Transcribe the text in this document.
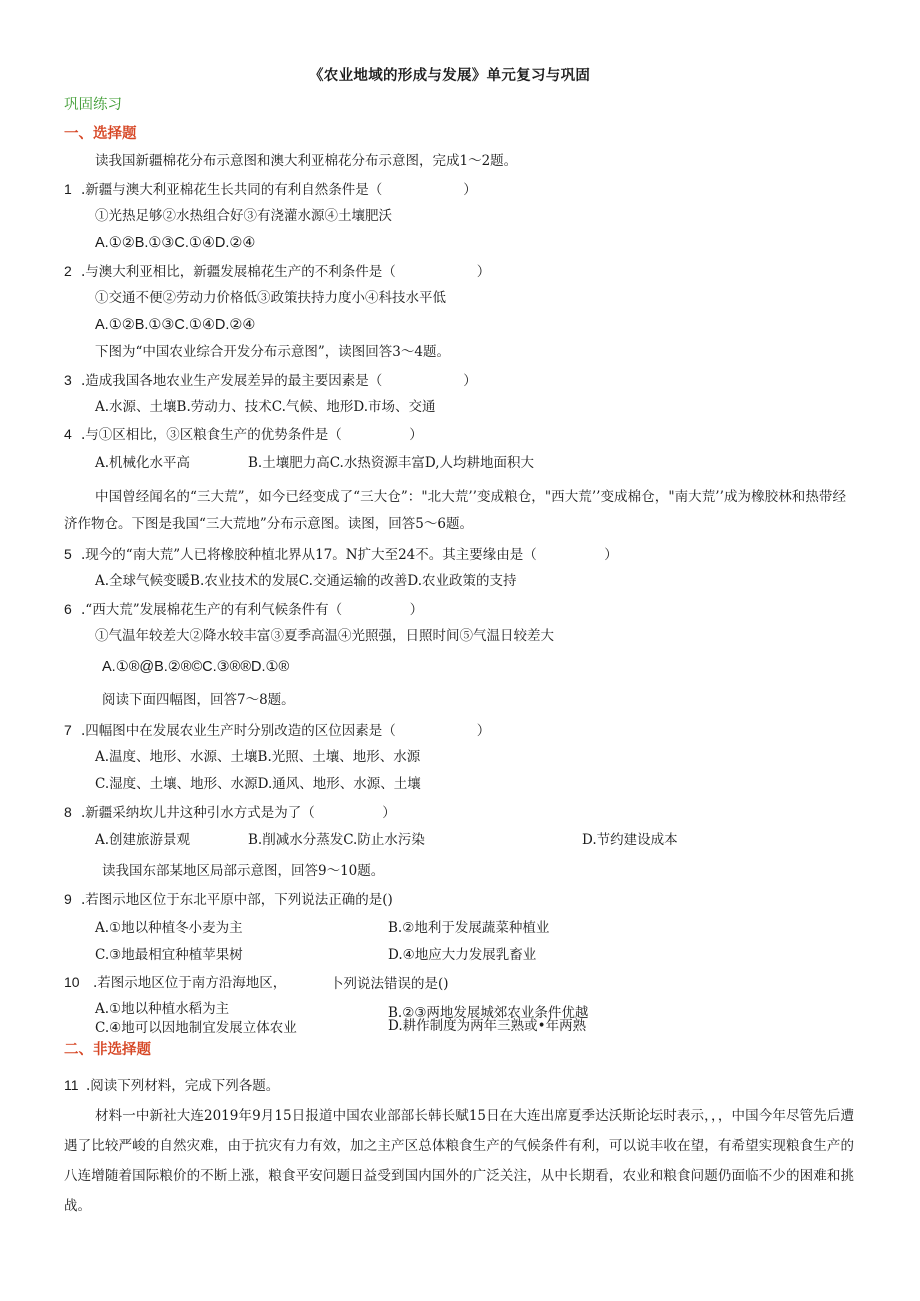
《农业地域的形成与发展》单元复习与巩固
巩固练习
一、选择题
读我国新疆棉花分布示意图和澳大利亚棉花分布示意图，完成1～2题。
1 .新疆与澳大利亚棉花生长共同的有利自然条件是（　　　　　　）
①光热足够②水热组合好③有浇灌水源④土壤肥沃
A.①②B.①③C.①④D.②④
2 .与澳大利亚相比，新疆发展棉花生产的不利条件是（　　　　　　）
①交通不便②劳动力价格低③政策扶持力度小④科技水平低
A.①②B.①③C.①④D.②④
下图为“中国农业综合开发分布示意图”，读图回答3～4题。
3 .造成我国各地农业生产发展差异的最主要因素是（　　　　　　）
A.水源、土壤B.劳动力、技术C.气候、地形D.市场、交通
4 .与①区相比，③区粮食生产的优势条件是（　　　　　）
A.机械化水平高	B.土壤肥力高C.水热资源丰富D,人均耕地面积大
中国曾经闻名的“三大荒”，如今已经变成了“三大仓”："北大荒’’变成粮仓，"西大荒’’变成棉仓，"南大荒’’成为橡胶林和热带经济作物仓。下图是我国“三大荒地”分布示意图。读图，回答5～6题。
5 .现今的“南大荒”人已将橡胶种植北界从17。N扩大至24不。其主要缘由是（　　　　　）
A.全球气候变暖B.农业技术的发展C.交通运输的改善D.农业政策的支持
6 .“西大荒”发展棉花生产的有利气候条件有（　　　　　）
①气温年较差大②降水较丰富③夏季高温④光照强，日照时间⑤气温日较差大
A.①®@B.②®©C.③®®D.①®
阅读下面四幅图，回答7～8题。
7 .四幅图中在发展农业生产时分别改造的区位因素是（　　　　　　）
A.温度、地形、水源、土壤B.光照、土壤、地形、水源
C.湿度、土壤、地形、水源D.通风、地形、水源、土壤
8 .新疆采纳坎儿井这种引水方式是为了（　　　　　）
A.创建旅游景观	B.削减水分蒸发C.防止水污染	D.节约建设成本
读我国东部某地区局部示意图，回答9～10题。
9 .若图示地区位于东北平原中部，下列说法正确的是()
A.①地以种植冬小麦为主	B.②地利于发展蔬菜种植业
C.③地最相宜种植苹果树	D.④地应大力发展乳畜业
10 .若图示地区位于南方沿海地区，	卜列说法错误的是()
A.①地以种植水稻为主	B.②③两地发展城郊农业条件优越
C.④地可以因地制宜发展立体农业	D.耕作制度为两年三熟或•年两熟
二、非选择题
11 .阅读下列材料，完成下列各题。
材料一中新社大连2019年9月15日报道中国农业部部长韩长赋15日在大连出席夏季达沃斯论坛时表示，，，中国今年尽管先后遭遇了比较严峻的自然灾难，由于抗灾有力有效，加之主产区总体粮食生产的气候条件有利，可以说丰收在望，有希望实现粮食生产的八连增随着国际粮价的不断上涨，粮食平安问题日益受到国内国外的广泛关注，从中长期看，农业和粮食问题仍面临不少的困难和挑战。
